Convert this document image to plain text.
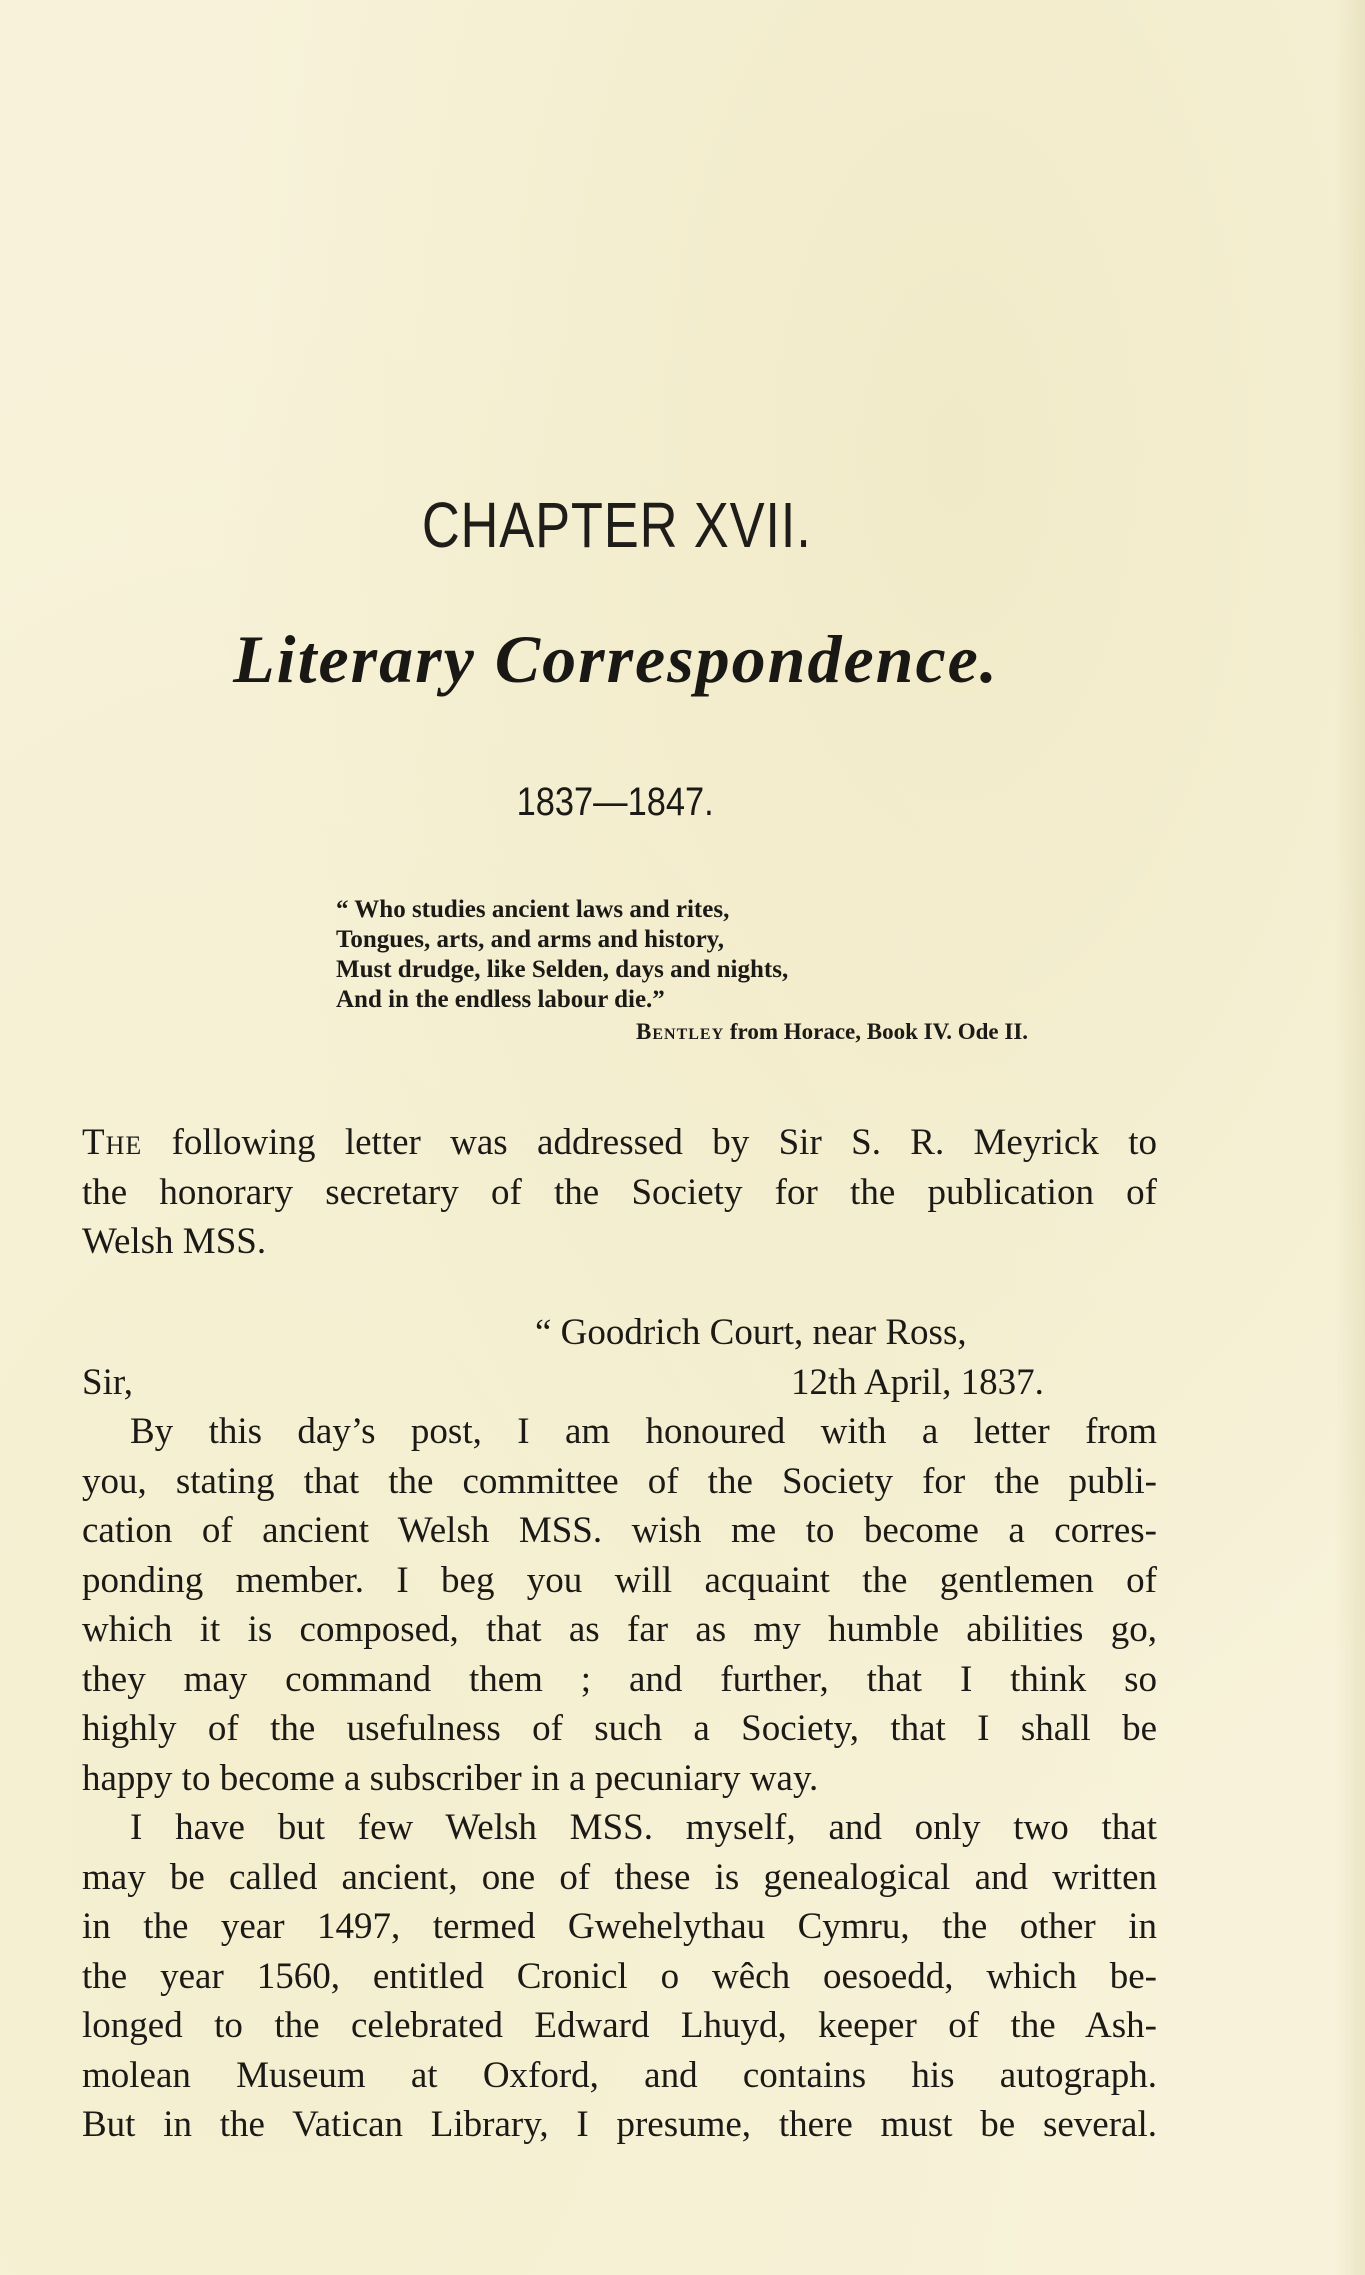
CHAPTER XVII.
Literary Correspondence.
1837—1847.
“ Who studies ancient laws and rites,
Tongues, arts, and arms and history,
Must drudge, like Selden, days and nights,
And in the endless labour die.”
Bentley from Horace, Book IV. Ode II.
The following letter was addressed by Sir S. R. Meyrick to
the honorary secretary of the Society for the publication of
Welsh MSS.
“ Goodrich Court, near Ross,
Sir,	12th April, 1837.
By this day’s post, I am honoured with a letter from
you, stating that the committee of the Society for the publi-
cation of ancient Welsh MSS. wish me to become a corres-
ponding member. I beg you will acquaint the gentlemen of
which it is composed, that as far as my humble abilities go,
they may command them ; and further, that I think so
highly of the usefulness of such a Society, that I shall be
happy to become a subscriber in a pecuniary way.
I have but few Welsh MSS. myself, and only two that
may be called ancient, one of these is genealogical and written
in the year 1497, termed Gwehelythau Cymru, the other in
the year 1560, entitled Cronicl o wêch oesoedd, which be-
longed to the celebrated Edward Lhuyd, keeper of the Ash-
molean Museum at Oxford, and contains his autograph.
But in the Vatican Library, I presume, there must be several.
